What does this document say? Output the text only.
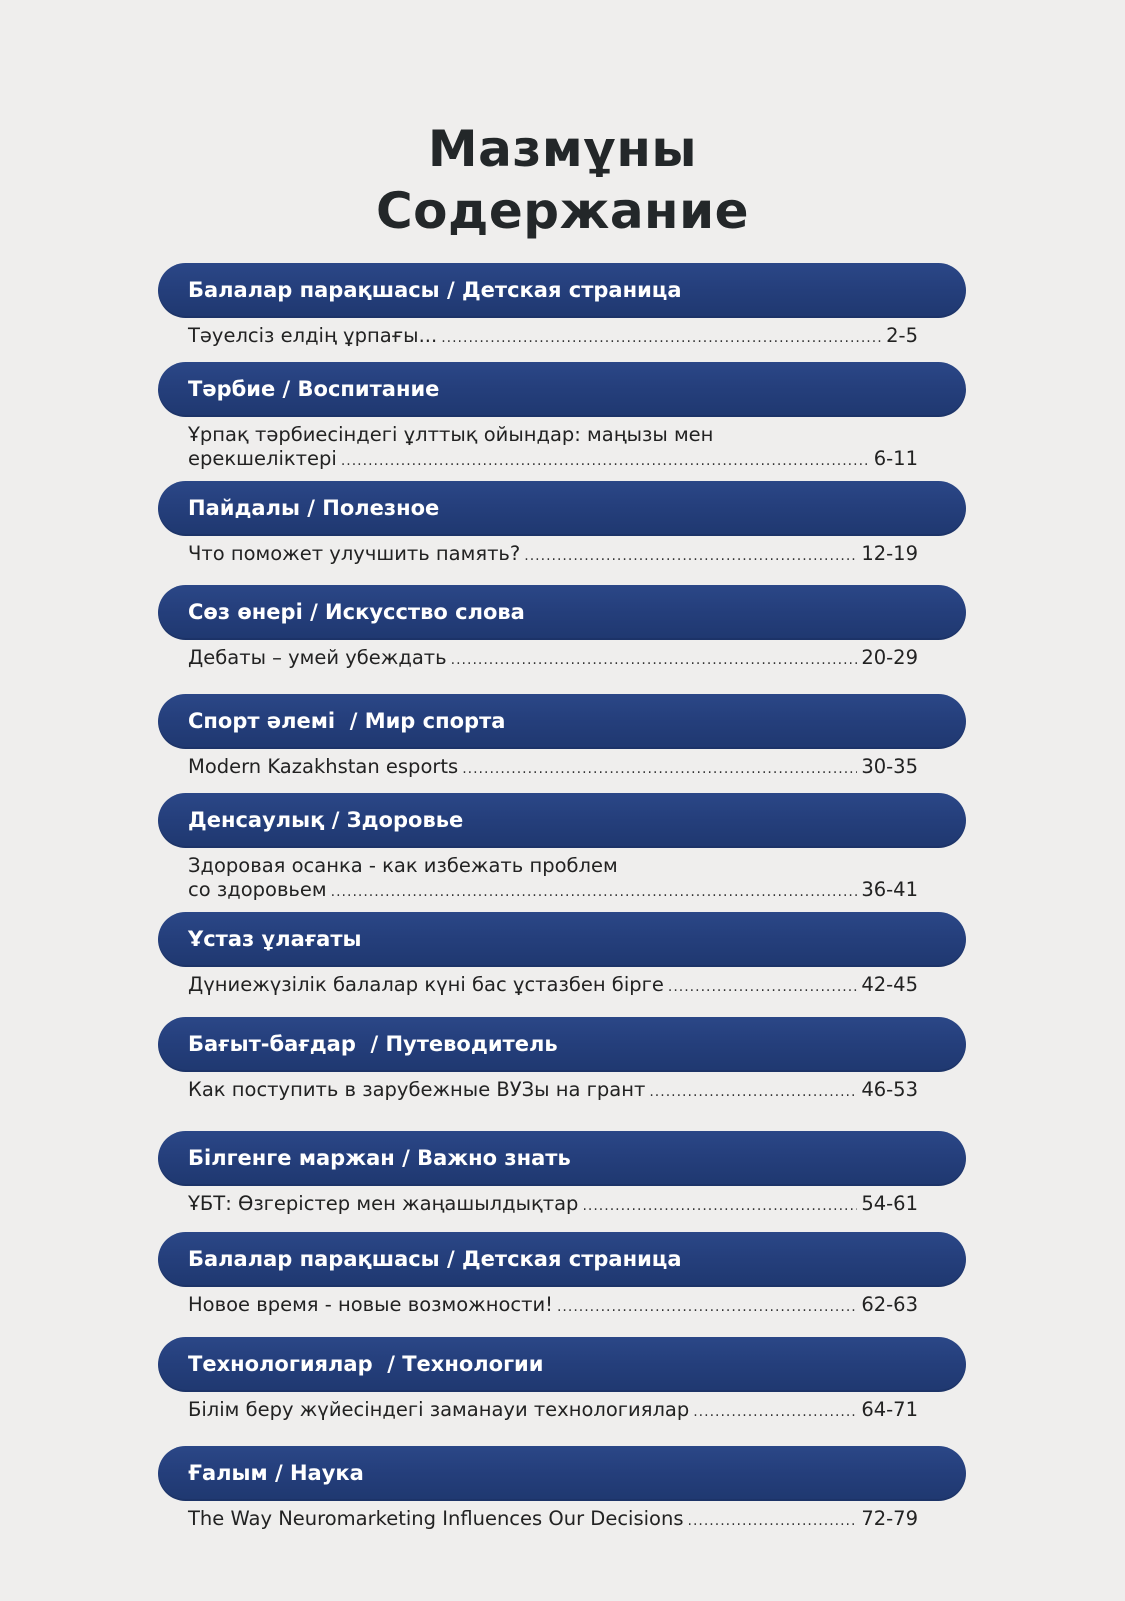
Мазмұны
Содержание
Балалар парақшасы / Детская страница
Тәуелсіз елдің ұрпағы... .....	2-5
Тәрбие / Воспитание
Ұрпақ тәрбиесіндегі ұлттық ойындар: маңызы мен
ерекшеліктері .....	6-11
Пайдалы / Полезное
Что поможет улучшить память? .....	12-19
Сөз өнері / Искусство слова
Дебаты – умей убеждать .....	20-29
Спорт әлемі  / Мир спорта
Modern Kazakhstan esports .....	30-35
Денсаулық / Здоровье
Здоровая осанка - как избежать проблем
со здоровьем .....	36-41
Ұстаз ұлағаты
Дүниежүзілік балалар күні бас ұстазбен бірге .....	42-45
Бағыт-бағдар  / Путеводитель
Как поступить в зарубежные ВУЗы на грант .....	46-53
Білгенге маржан / Важно знать
ҰБТ: Өзгерістер мен жаңашылдықтар .....	54-61
Балалар парақшасы / Детская страница
Новое время - новые возможности! .....	62-63
Технологиялар  / Технологии
Білім беру жүйесіндегі заманауи технологиялар .....	64-71
Ғалым / Наука
The Way Neuromarketing Influences Our Decisions .....	72-79
